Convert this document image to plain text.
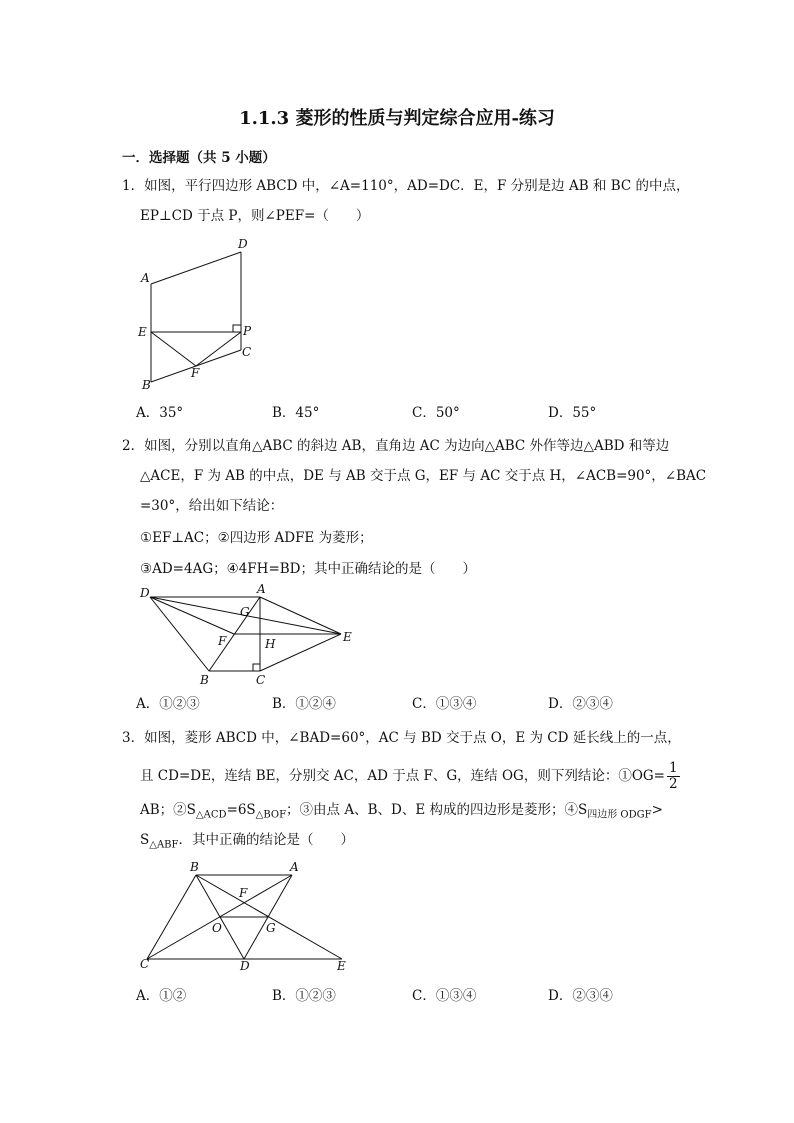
1.1.3 菱形的性质与判定综合应用-练习
一．选择题（共 5 小题）
1．如图，平行四边形 ABCD 中，∠A=110°，AD=DC．E，F 分别是边 AB 和 BC 的中点，
EP⊥CD 于点 P，则∠PEF=（　　）
A
D
E	P
C
F
B
A．35°	B．45°	C．50°	D．55°
2．如图，分别以直角△ABC 的斜边 AB，直角边 AC 为边向△ABC 外作等边△ABD 和等边
△ACE，F 为 AB 的中点，DE 与 AB 交于点 G，EF 与 AC 交于点 H，∠ACB=90°，∠BAC
=30°，给出如下结论：
①EF⊥AC；②四边形 ADFE 为菱形；
③AD=4AG；④4FH=BD；其中正确结论的是（　　）
D	A
G
F	H	E
B	C
A．①②③	B．①②④	C．①③④	D．②③④
3．如图，菱形 ABCD 中，∠BAD=60°，AC 与 BD 交于点 O，E 为 CD 延长线上的一点，
且 CD=DE，连结 BE，分别交 AC，AD 于点 F、G，连结 OG，则下列结论：①OG= $\frac{1}{2}$
AB；$②S_{\triangle ACD}=6S_{\triangle BOF}$；③由点 A、B、D、E 构成的四边形是菱形；$④S_{四边形 ODGF}>$
$S_{\triangle ABF}$．其中正确的结论是（　　）
B	A
F
O	G
C	D	E
A．①②	B．①②③	C．①③④	D．②③④
